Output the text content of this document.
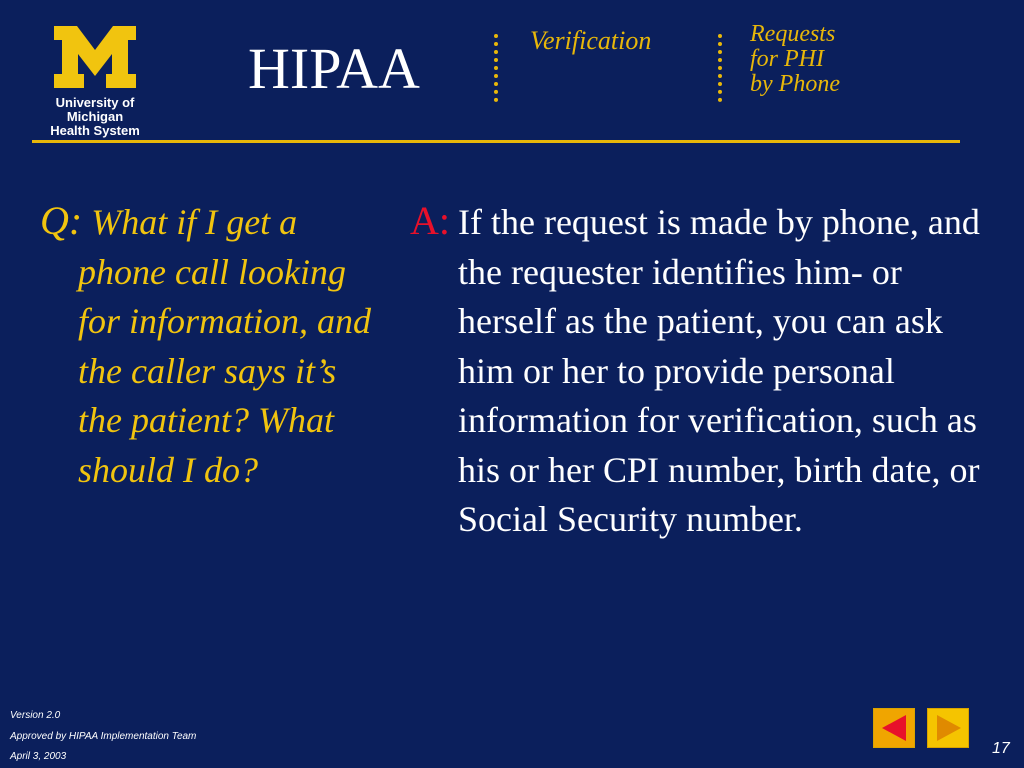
University of Michigan
Health System
HIPAA	Verification	Requests
for PHI
by Phone

Q: What if I get a phone call looking for information, and the caller says it’s the patient? What should I do?

A: If the request is made by phone, and the requester identifies him- or herself as the patient, you can ask him or her to provide personal information for verification, such as his or her CPI number, birth date, or Social Security number.

Version 2.0
Approved by HIPAA Implementation Team
April 3, 2003	17
